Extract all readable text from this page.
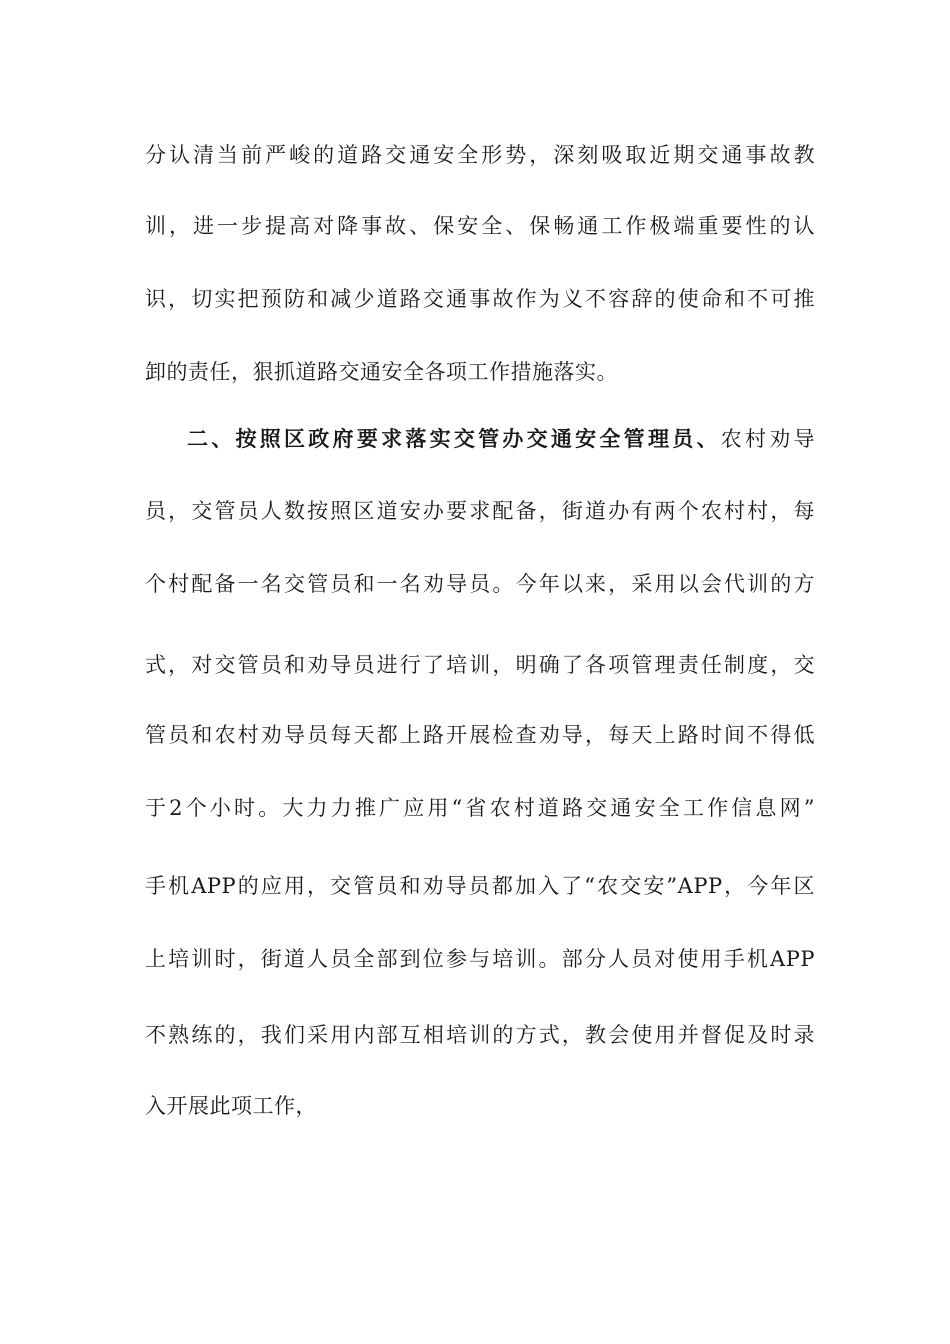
分认清当前严峻的道路交通安全形势，深刻吸取近期交通事故教
训，进一步提高对降事故、保安全、保畅通工作极端重要性的认
识，切实把预防和减少道路交通事故作为义不容辞的使命和不可推
卸的责任，狠抓道路交通安全各项工作措施落实。
二、按照区政府要求落实交管办交通安全管理员、农村劝导
员，交管员人数按照区道安办要求配备，街道办有两个农村村，每
个村配备一名交管员和一名劝导员。今年以来，采用以会代训的方
式，对交管员和劝导员进行了培训，明确了各项管理责任制度，交
管员和农村劝导员每天都上路开展检查劝导，每天上路时间不得低
于2个小时。大力力推广应用“省农村道路交通安全工作信息网”
手机APP的应用，交管员和劝导员都加入了“农交安”APP，今年区
上培训时，街道人员全部到位参与培训。部分人员对使用手机APP
不熟练的，我们采用内部互相培训的方式，教会使用并督促及时录
入开展此项工作，
